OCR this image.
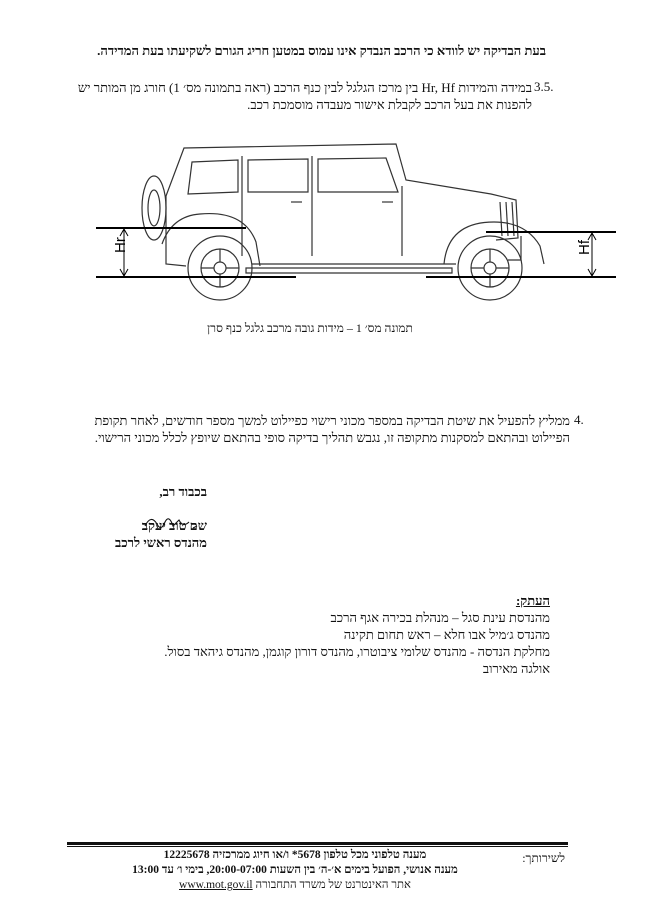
בעת הבדיקה יש לוודא כי הרכב הנבדק אינו עמוס במטען חריג הגורם לשקיעתו בעת המדידה.
3.5.
במידה והמידות Hr, Hf בין מרכז הגלגל לבין כנף הרכב (ראה בתמונה מס׳ 1) חורג מן המותר יש להפנות את בעל הרכב לקבלת אישור מעבדה מוסמכת רכב.
Hr	Hf
תמונה מס׳ 1 – מידות גובה מרכב גלגל כנף סרן
4.
ממליץ להפעיל את שיטת הבדיקה במספר מכוני רישוי כפיילוט למשך מספר חודשים, לאחר תקופת הפיילוט ובהתאם למסקנות מתקופה זו, נגבש תהליך בדיקה סופי בהתאם שיופץ לכלל מכוני הרישוי.
בכבוד רב,
שם טוב יעקב
מהנדס ראשי לרכב
העתק:
מהנדסת עינת סגל – מנהלת בכירה אגף הרכב
מהנדס ג׳מיל אבו חלא – ראש תחום תקינה
מחלקת הנדסה - מהנדס שלומי ציבוטרו, מהנדס דורון קוגמן, מהנדס גיהאד בסול.
אולגה מאירוב
לשירותך:
מענה טלפוני מכל טלפון 5678* ו/או חיוג ממרכזיה 12225678
מענה אנושי, הפועל בימים א׳-ה׳ בין השעות 20:00-07:00, בימי ו׳ עד 13:00
אתר האינטרנט של משרד התחבורה www.mot.gov.il
